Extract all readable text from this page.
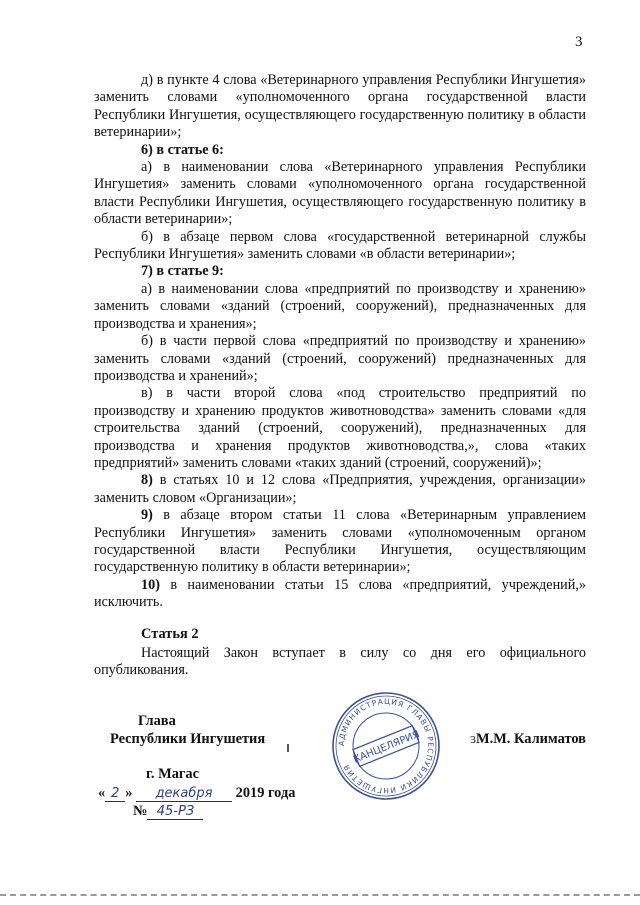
3

д) в пункте 4 слова «Ветеринарного управления Республики Ингушетия» заменить словами «уполномоченного органа государственной власти Республики Ингушетия, осуществляющего государственную политику в области ветеринарии»;

6) в статье 6:

а) в наименовании слова «Ветеринарного управления Республики Ингушетия» заменить словами «уполномоченного органа государственной власти Республики Ингушетия, осуществляющего государственную политику в области ветеринарии»;

б) в абзаце первом слова «государственной ветеринарной службы Республики Ингушетия» заменить словами «в области ветеринарии»;

7) в статье 9:

а) в наименовании слова «предприятий по производству и хранению» заменить словами «зданий (строений, сооружений), предназначенных для производства и хранения»;

б) в части первой слова «предприятий по производству и хранению» заменить словами «зданий (строений, сооружений) предназначенных для производства и хранений»;

в) в части второй слова «под строительство предприятий по производству и хранению продуктов животноводства» заменить словами «для строительства зданий (строений, сооружений), предназначенных для производства и хранения продуктов животноводства,», слова «таких предприятий» заменить словами «таких зданий (строений, сооружений)»;

8) в статьях 10 и 12 слова «Предприятия, учреждения, организации» заменить словом «Организации»;

9) в абзаце втором статьи 11 слова «Ветеринарным управлением Республики Ингушетия» заменить словами «уполномоченным органом государственной власти Республики Ингушетия, осуществляющим государственную политику в области ветеринарии»;

10) в наименовании статьи 15 слова «предприятий, учреждений,» исключить.

Статья 2

Настоящий Закон вступает в силу со дня его официального опубликования.

Глава
Республики Ингушетия	АДМИНИСТРАЦИЯ ГЛАВЫ РЕСПУБЛИКИ ИНГУШЕТИЯ
КАНЦЕЛЯРИЯ	ɜМ.М. Калиматов
г. Магас
« 2 » декабря 2019 года
№ 45-РЗ
